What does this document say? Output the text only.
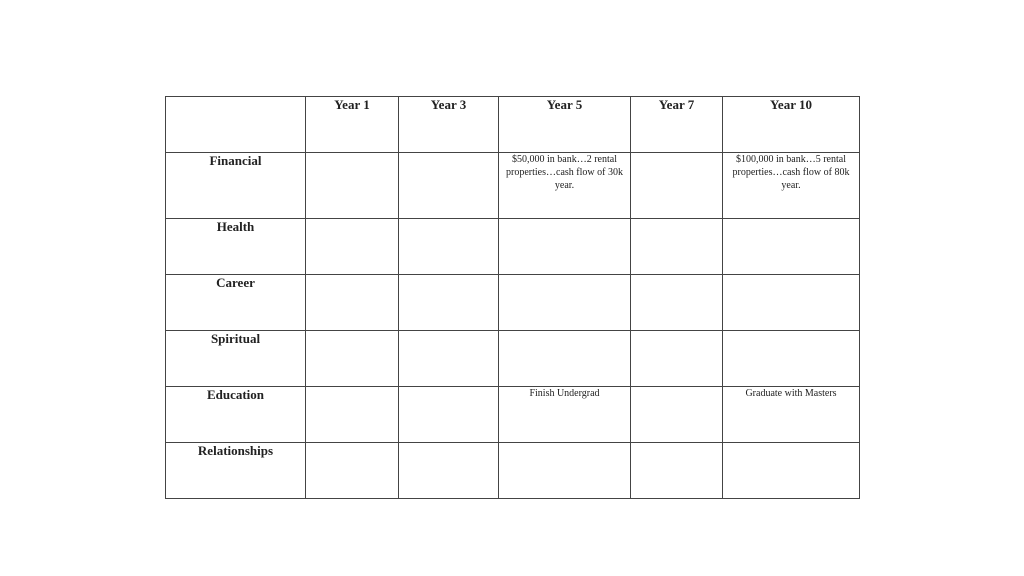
	Year 1	Year 3	Year 5	Year 7	Year 10
Financial			$50,000 in bank…2 rental properties…cash flow of 30k year.		$100,000 in bank…5 rental properties…cash flow of 80k year.
Health					
Career					
Spiritual					
Education			Finish Undergrad		Graduate with Masters
Relationships					
